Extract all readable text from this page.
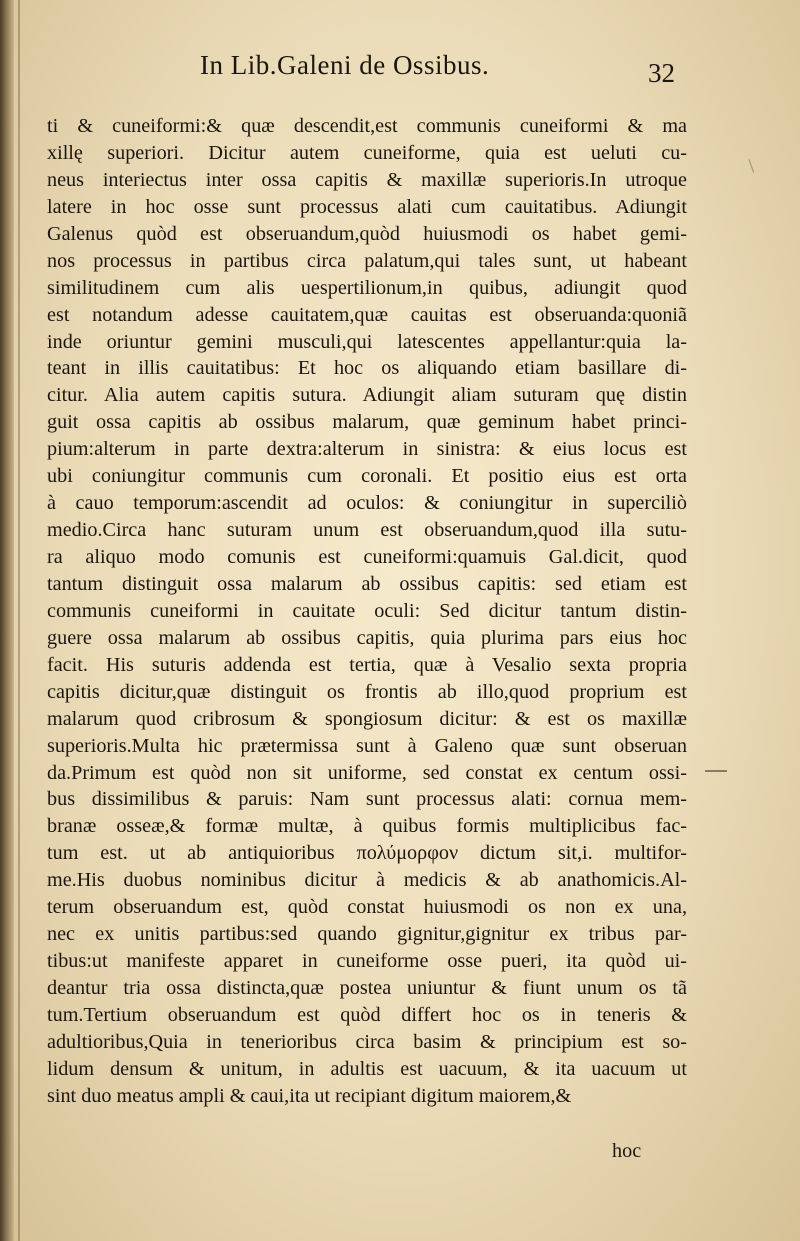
In Lib.Galeni de Ossibus.	32
ti & cuneiformi:& quæ descendit,est communis cuneiformi & ma
xillę superiori. Dicitur autem cuneiforme, quia est ueluti cu-
neus interiectus inter ossa capitis & maxillæ superioris.In utroque
latere in hoc osse sunt processus alati cum cauitatibus. Adiungit
Galenus quòd est obseruandum,quòd huiusmodi os habet gemi-
nos processus in partibus circa palatum,qui tales sunt, ut habeant
similitudinem cum alis uespertilionum,in quibus, adiungit quod
est notandum adesse cauitatem,quæ cauitas est obseruanda:quoniã
inde oriuntur gemini musculi,qui latescentes appellantur:quia la-
teant in illis cauitatibus: Et hoc os aliquando etiam basillare di-
citur. Alia autem capitis sutura. Adiungit aliam suturam quę distin
guit ossa capitis ab ossibus malarum, quæ geminum habet princi-
pium:alterum in parte dextra:alterum in sinistra: & eius locus est
ubi coniungitur communis cum coronali. Et positio eius est orta
à cauo temporum:ascendit ad oculos: & coniungitur in superciliò
medio.Circa hanc suturam unum est obseruandum,quod illa sutu-
ra aliquo modo comunis est cuneiformi:quamuis Gal.dicit, quod
tantum distinguit ossa malarum ab ossibus capitis: sed etiam est
communis cuneiformi in cauitate oculi: Sed dicitur tantum distin-
guere ossa malarum ab ossibus capitis, quia plurima pars eius hoc
facit. His suturis addenda est tertia, quæ à Vesalio sexta propria
capitis dicitur,quæ distinguit os frontis ab illo,quod proprium est
malarum quod cribrosum & spongiosum dicitur: & est os maxillæ
superioris.Multa hic prætermissa sunt à Galeno quæ sunt obseruan
da.Primum est quòd non sit uniforme, sed constat ex centum ossi-
bus dissimilibus & paruis: Nam sunt processus alati: cornua mem-
branæ osseæ,& formæ multæ, à quibus formis multiplicibus fac-
tum est. ut ab antiquioribus πολύμορφον dictum sit,i. multifor-
me.His duobus nominibus dicitur à medicis & ab anathomicis.Al-
terum obseruandum est, quòd constat huiusmodi os non ex una,
nec ex unitis partibus:sed quando gignitur,gignitur ex tribus par-
tibus:ut manifeste apparet in cuneiforme osse pueri, ita quòd ui-
deantur tria ossa distincta,quæ postea uniuntur & fiunt unum os tã
tum.Tertium obseruandum est quòd differt hoc os in teneris &
adultioribus,Quia in tenerioribus circa basim & principium est so-
lidum densum & unitum, in adultis est uacuum, & ita uacuum ut
sint duo meatus ampli & caui,ita ut recipiant digitum maiorem,&
hoc
